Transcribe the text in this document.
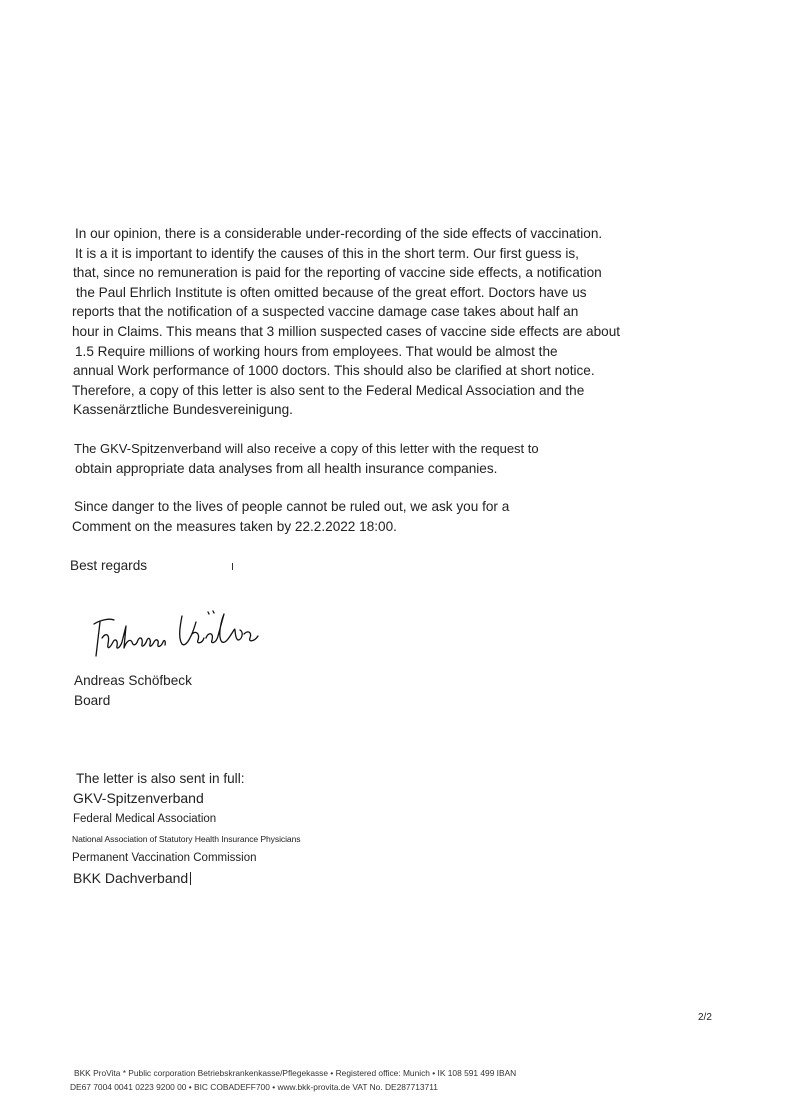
In our opinion, there is a considerable under-recording of the side effects of vaccination.
It is a it is important to identify the causes of this in the short term. Our first guess is,
that, since no remuneration is paid for the reporting of vaccine side effects, a notification
the Paul Ehrlich Institute is often omitted because of the great effort. Doctors have us
reports that the notification of a suspected vaccine damage case takes about half an
hour in Claims. This means that 3 million suspected cases of vaccine side effects are about
1.5 Require millions of working hours from employees. That would be almost the
annual Work performance of 1000 doctors. This should also be clarified at short notice.
Therefore, a copy of this letter is also sent to the Federal Medical Association and the
Kassenärztliche Bundesvereinigung.
The GKV-Spitzenverband will also receive a copy of this letter with the request to
obtain appropriate data analyses from all health insurance companies.
Since danger to the lives of people cannot be ruled out, we ask you for a
Comment on the measures taken by 22.2.2022 18:00.
Best regards
Andreas Schöfbeck
Board
The letter is also sent in full:
GKV-Spitzenverband
Federal Medical Association
National Association of Statutory Health Insurance Physicians
Permanent Vaccination Commission
BKK Dachverband
2/2
BKK ProVita * Public corporation Betriebskrankenkasse/Pflegekasse • Registered office: Munich • IK 108 591 499 IBAN
DE67 7004 0041 0223 9200 00 • BIC COBADEFF700 • www.bkk-provita.de VAT No. DE287713711
